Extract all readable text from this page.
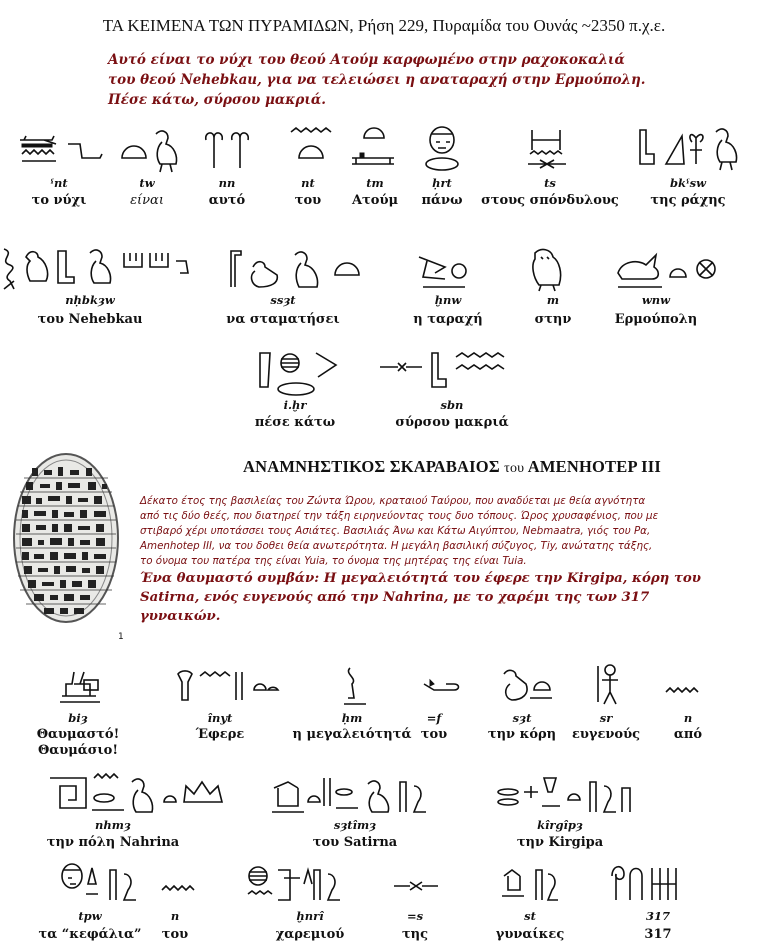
ΤΑ ΚΕΙΜΕΝΑ ΤΩΝ ΠΥΡΑΜΙΔΩΝ, Ρήση 229, Πυραμίδα του Ουνάς ~2350 π.χ.ε.
Αυτό είναι το νύχι του θεού Ατούμ καρφωμένο στην ραχοκοκαλιά
του θεού Nehebkau, για να τελειώσει η αναταραχή στην Ερμούπολη.
Πέσε κάτω, σύρσου μακριά.
ˁnt
το νύχι
tw
είναι
nn
αυτό
nt
του
tm
Ατούμ
ḥrt
πάνω
ts
στους σπόνδυλους
bkˁsw
της ράχης
nḥbkȝw
του Nehebkau
ssȝt
να σταματήσει
ḫnw
η ταραχή
m
στην
wnw
Ερμούπολη
i.ḫr
πέσε κάτω
sbn
σύρσου μακριά
ΑΝΑΜΝΗΣΤΙΚΟΣ ΣΚΑΡΑΒΑΙΟΣ του ΑΜΕΝΗΟΤΕΡ ΙΙΙ
1
Δέκατο έτος της βασιλείας του Ζώντα Ώρου, κραταιού Ταύρου, που αναδύεται με θεία αγνότητα
από τις δύο θεές, που διατηρεί την τάξη ειρηνεύοντας τους δυο τόπους. Ώρος χρυσαφένιος, που με
στιβαρό χέρι υποτάσσει τους Ασιάτες. Βασιλιάς Άνω και Κάτω Αιγύπτου, Nebmaatra, γιός του Ρα,
Amenhotep III, να του δοθει θεία ανωτερότητα. Η μεγάλη βασιλική σύζυγος, Tiy, ανώτατης τάξης,
το όνομα του πατέρα της είναι Yuia, το όνομα της μητέρας της είναι Tuia.
Ένα θαυμαστό συμβάν: Η μεγαλειότητά του έφερε την Kirgipa, κόρη του
Satirna, ενός ευγενούς από την Nahrina, με το χαρέμι της των 317
γυναικών.
biȝ
Θαυμαστό!
Θαυμάσιο!
înyt
Έφερε
ḥm
η μεγαλειότητά
=f
του
sȝt
την κόρη
sr
ευγενούς
n
από
nhmȝ
την πόλη Nahrina
sȝtîmȝ
του Satirna
kîrgîpȝ
την Kirgipa
tpw
τα “κεφάλια”
n
του
ḫnrî
χαρεμιού
=s
της
st
γυναίκες
317
317
